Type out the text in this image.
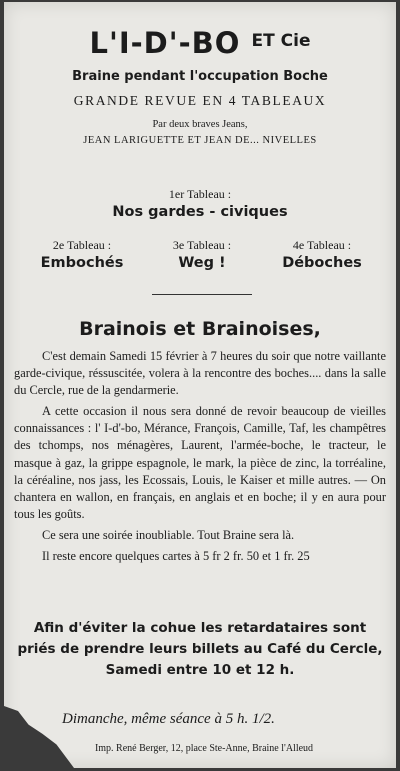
L'I-D'-BO $^{ET Cie}$
Braine pendant l'occupation Boche
GRANDE REVUE EN 4 TABLEAUX
Par deux braves Jeans,
JEAN LARIGUETTE ET JEAN DE... NIVELLES
1er Tableau :
Nos gardes - civiques
2e Tableau :
Embochés
3e Tableau :
Weg !
4e Tableau :
Déboches
Brainois et Brainoises,

C'est demain Samedi 15 février à 7 heures du soir que notre vaillante garde-civique, réssuscitée, volera à la rencontre des boches.... dans la salle du Cercle, rue de la gendarmerie.

A cette occasion il nous sera donné de revoir beaucoup de vieilles connaissances : l' I-d'-bo, Mérance, François, Camille, Taf, les champêtres des tchomps, nos ménagères, Laurent, l'armée-boche, le tracteur, le masque à gaz, la grippe espagnole, le mark, la pièce de zinc, la torréaline, la céréaline, nos jass, les Ecossais, Louis, le Kaiser et mille autres. — On chantera en wallon, en français, en anglais et en boche; il y en aura pour tous les goûts.

Ce sera une soirée inoubliable. Tout Braine sera là.

Il reste encore quelques cartes à 5 fr 2 fr. 50 et 1 fr. 25

Afin d'éviter la cohue les retardataires sont priés de prendre leurs billets au Café du Cercle, Samedi entre 10 et 12 h.
Dimanche, même séance à 5 h. 1/2.
Imp. René Berger, 12, place Ste-Anne, Braine l'Alleud
